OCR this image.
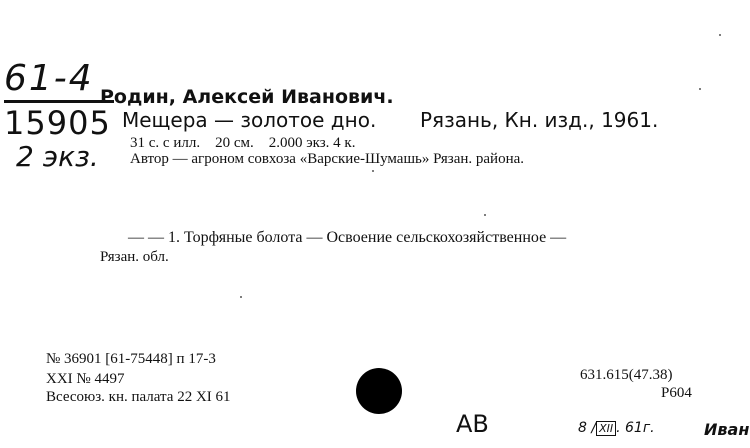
61-4
15905
2 экз.
Родин, Алексей Иванович.
Мещера — золотое дно. Рязань, Кн. изд., 1961.
31 с. с илл.    20 см.    2.000 экз. 4 к.
Автор — агроном совхоза «Варские-Шумашь» Рязан. района.
— — 1. Торфяные болота — Освоение сельскохозяйственное —
Рязан. обл.
№ 36901 [61-75448] п 17-3
XXI № 4497
Всесоюз. кн. палата 22 XI 61
631.615(47.38)
Р604
АВ	8 / XII . 61г.	Иван
